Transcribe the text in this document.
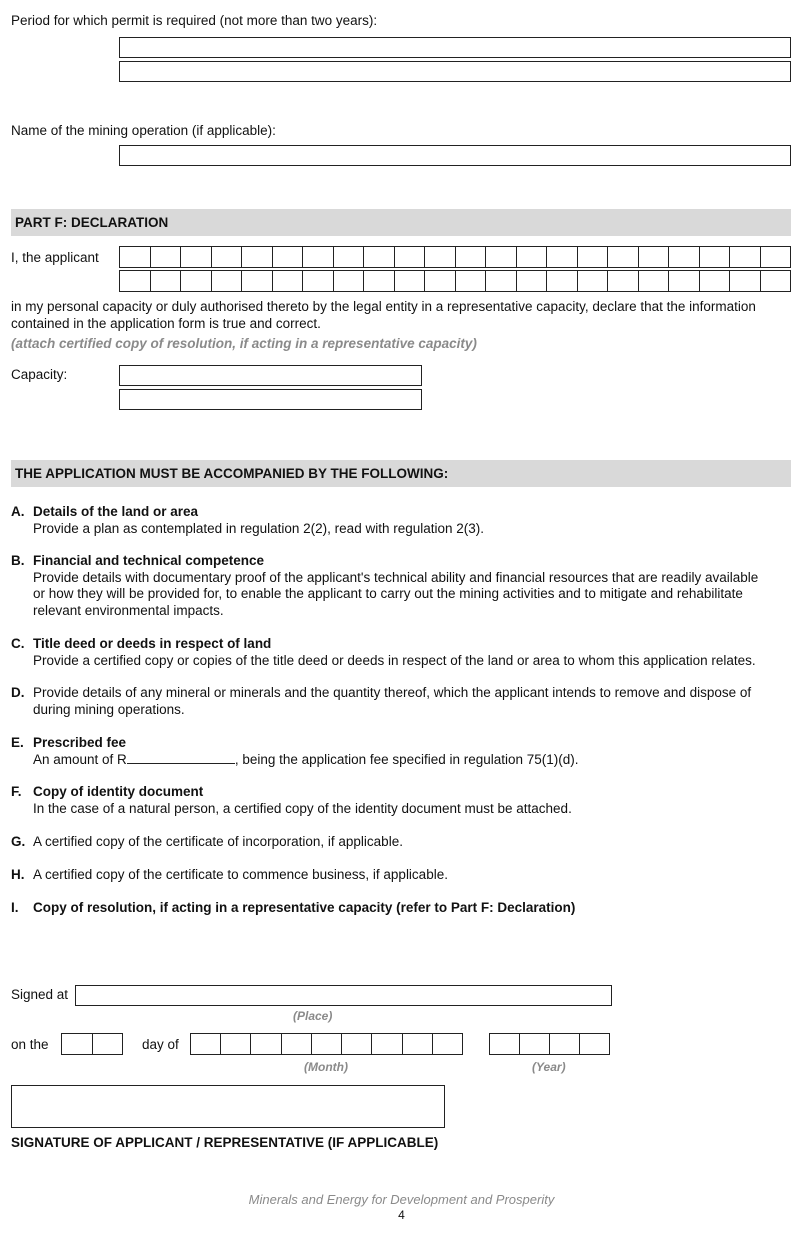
Period for which permit is required (not more than two years):
Name of the mining operation (if applicable):
PART F: DECLARATION
I, the applicant
in my personal capacity or duly authorised thereto by the legal entity in a representative capacity, declare that the information
contained in the application form is true and correct.
(attach certified copy of resolution, if acting in a representative capacity)
Capacity:
THE APPLICATION MUST BE ACCOMPANIED BY THE FOLLOWING:
A. Details of the land or area
Provide a plan as contemplated in regulation 2(2), read with regulation 2(3).
B. Financial and technical competence
Provide details with documentary proof of the applicant's technical ability and financial resources that are readily available
or how they will be provided for, to enable the applicant to carry out the mining activities and to mitigate and rehabilitate
relevant environmental impacts.
C. Title deed or deeds in respect of land
Provide a certified copy or copies of the title deed or deeds in respect of the land or area to whom this application relates.
D. Provide details of any mineral or minerals and the quantity thereof, which the applicant intends to remove and dispose of
during mining operations.
E. Prescribed fee
An amount of R	, being the application fee specified in regulation 75(1)(d).
F. Copy of identity document
In the case of a natural person, a certified copy of the identity document must be attached.
G. A certified copy of the certificate of incorporation, if applicable.
H. A certified copy of the certificate to commence business, if applicable.
I. Copy of resolution, if acting in a representative capacity (refer to Part F: Declaration)
Signed at
(Place)
on the	day of
(Month)	(Year)
SIGNATURE OF APPLICANT / REPRESENTATIVE (IF APPLICABLE)
Minerals and Energy for Development and Prosperity
4
